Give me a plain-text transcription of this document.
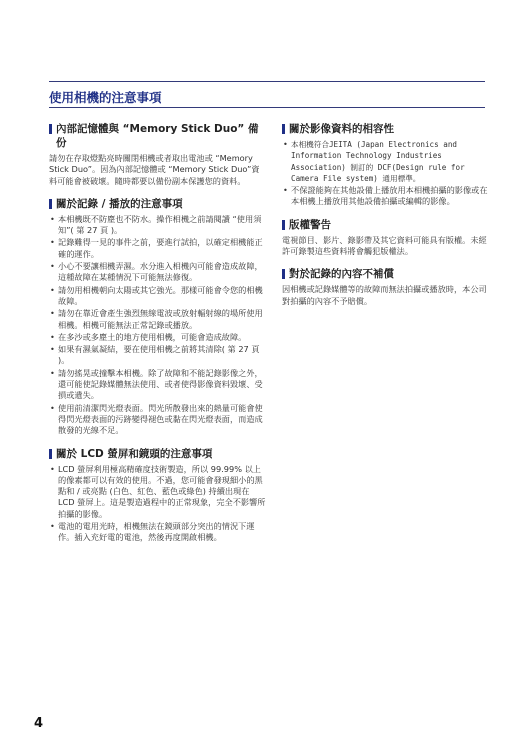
使用相機的注意事項
內部記憶體與 “Memory Stick Duo” 備份

請勿在存取燈點亮時關閉相機或者取出電池或 “Memory Stick Duo”。因為內部記憶體或 “Memory Stick Duo”資料可能會被破壞。隨時都要以備份副本保護您的資料。

關於記錄 / 播放的注意事項
• 本相機既不防塵也不防水。操作相機之前請閱讀 “使用須知”( 第 27 頁 )。
• 記錄難得一見的事件之前，要進行試拍，以確定相機能正確的運作。
• 小心不要讓相機弄濕。水分進入相機內可能會造成故障，這種故障在某種情況下可能無法修復。
• 請勿用相機朝向太陽或其它強光。那樣可能會令您的相機故障。
• 請勿在靠近會產生強烈無線電波或放射輻射線的場所使用相機。相機可能無法正常記錄或播放。
• 在多沙或多塵土的地方使用相機，可能會造成故障。
• 如果有濕氣凝結，要在使用相機之前將其清除( 第 27 頁 )。
• 請勿搖晃或撞擊本相機。除了故障和不能記錄影像之外，還可能使記錄媒體無法使用、或者使得影像資料毀壞、受損或遺失。
• 使用前清潔閃光燈表面。閃光所散發出來的熱量可能會使得閃光燈表面的污跡變得褪色或黏在閃光燈表面，而造成散發的光線不足。
關於 LCD 螢屏和鏡頭的注意事項
• LCD 螢屏利用極高精確度技術製造，所以 99.99% 以上的像素都可以有效的使用。不過，您可能會發現細小的黑點和 / 或亮點 (白色、紅色、藍色或綠色) 持續出現在 LCD 螢屏上。這是製造過程中的正常現象，完全不影響所拍攝的影像。
• 電池的電用光時，相機無法在鏡頭部分突出的情況下運作。插入充好電的電池，然後再度開啟相機。
關於影像資料的相容性
• 本相機符合JEITA (Japan Electronics and Information Technology Industries Association) 制訂的 DCF(Design rule for Camera File system) 通用標準。
• 不保證能夠在其他設備上播放用本相機拍攝的影像或在本相機上播放用其他設備拍攝或編輯的影像。
版權警告

電視節目、影片、錄影帶及其它資料可能具有版權。未經許可錄製這些資料將會觸犯版權法。

對於記錄的內容不補償

因相機或記錄媒體等的故障而無法拍攝或播放時，本公司對拍攝的內容不予賠償。

4
